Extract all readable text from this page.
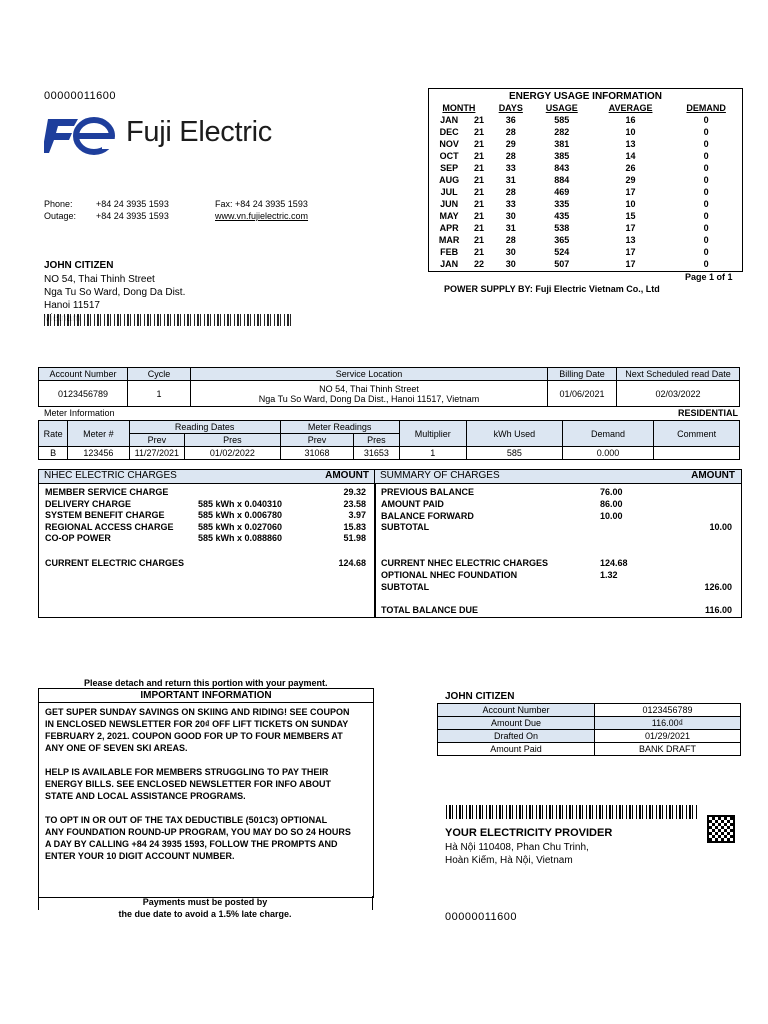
00000011600
Fuji Electric
Phone:	+84 24 3935 1593
Outage: +84 24 3935 1593
Fax: +84 24 3935 1593
www.vn.fujielectric.com
JOHN CITIZEN
NO 54, Thai Thinh Street
Nga Tu So Ward, Dong Da Dist.
Hanoi 11517
ENERGY USAGE INFORMATION
	MONTH		DAYS	USAGE	AVERAGE	DEMAND
	JAN	21	36	585	16	0
	DEC	21	28	282	10	0
	NOV	21	29	381	13	0
	OCT	21	28	385	14	0
	SEP	21	33	843	26	0
	AUG	21	31	884	29	0
	JUL	21	28	469	17	0
	JUN	21	33	335	10	0
	MAY	21	30	435	15	0
	APR	21	31	538	17	0
	MAR	21	28	365	13	0
	FEB	21	30	524	17	0
	JAN	22	30	507	17	0
Page 1 of 1
POWER SUPPLY BY: Fuji Electric Vietnam Co., Ltd
Account Number	Cycle	Service Location	Billing Date	Next Scheduled read Date
0123456789	1	NO 54, Thai Thinh Street
Nga Tu So Ward, Dong Da Dist., Hanoi 11517, Vietnam	01/06/2021	02/03/2022
Meter Information	RESIDENTIAL
Rate	Meter #	Reading Dates		Meter Readings		Multiplier	kWh Used	Demand	Comment
		Prev	Pres	Prev	Pres				
B	123456	11/27/2021	01/02/2022	31068	31653	1	585	0.000	
NHEC ELECTRIC CHARGES	AMOUNT
MEMBER SERVICE CHARGE	29.32
DELIVERY CHARGE	585 kWh x 0.040310	23.58
SYSTEM BENEFIT CHARGE	585 kWh x 0.006780	3.97
REGIONAL ACCESS CHARGE	585 kWh x 0.027060	15.83
CO-OP POWER	585 kWh x 0.088860	51.98
CURRENT ELECTRIC CHARGES	124.68
SUMMARY OF CHARGES	AMOUNT
PREVIOUS BALANCE	76.00
AMOUNT PAID	86.00
BALANCE FORWARD	10.00
SUBTOTAL	10.00
CURRENT NHEC ELECTRIC CHARGES	124.68
OPTIONAL NHEC FOUNDATION	1.32
SUBTOTAL	126.00
TOTAL BALANCE DUE	116.00
Please detach and return this portion with your payment.
IMPORTANT INFORMATION
GET SUPER SUNDAY SAVINGS ON SKIING AND RIDING! SEE COUPON
IN ENCLOSED NEWSLETTER FOR 20₫ OFF LIFT TICKETS ON SUNDAY
FEBRUARY 2, 2021. COUPON GOOD FOR UP TO FOUR MEMBERS AT
ANY ONE OF SEVEN SKI AREAS.
HELP IS AVAILABLE FOR MEMBERS STRUGGLING TO PAY THEIR
ENERGY BILLS. SEE ENCLOSED NEWSLETTER FOR INFO ABOUT
STATE AND LOCAL ASSISTANCE PROGRAMS.
TO OPT IN OR OUT OF THE TAX DEDUCTIBLE (501C3) OPTIONAL
ANY FOUNDATION ROUND-UP PROGRAM, YOU MAY DO SO 24 HOURS
A DAY BY CALLING +84 24 3935 1593, FOLLOW THE PROMPTS AND
ENTER YOUR 10 DIGIT ACCOUNT NUMBER.
Payments must be posted by
the due date to avoid a 1.5% late charge.
JOHN CITIZEN
Account Number	0123456789
Amount Due	116.00₫
Drafted On	01/29/2021
Amount Paid	BANK DRAFT
YOUR ELECTRICITY PROVIDER
Hà Nội 110408, Phan Chu Trinh,
Hoàn Kiếm, Hà Nội, Vietnam
00000011600
